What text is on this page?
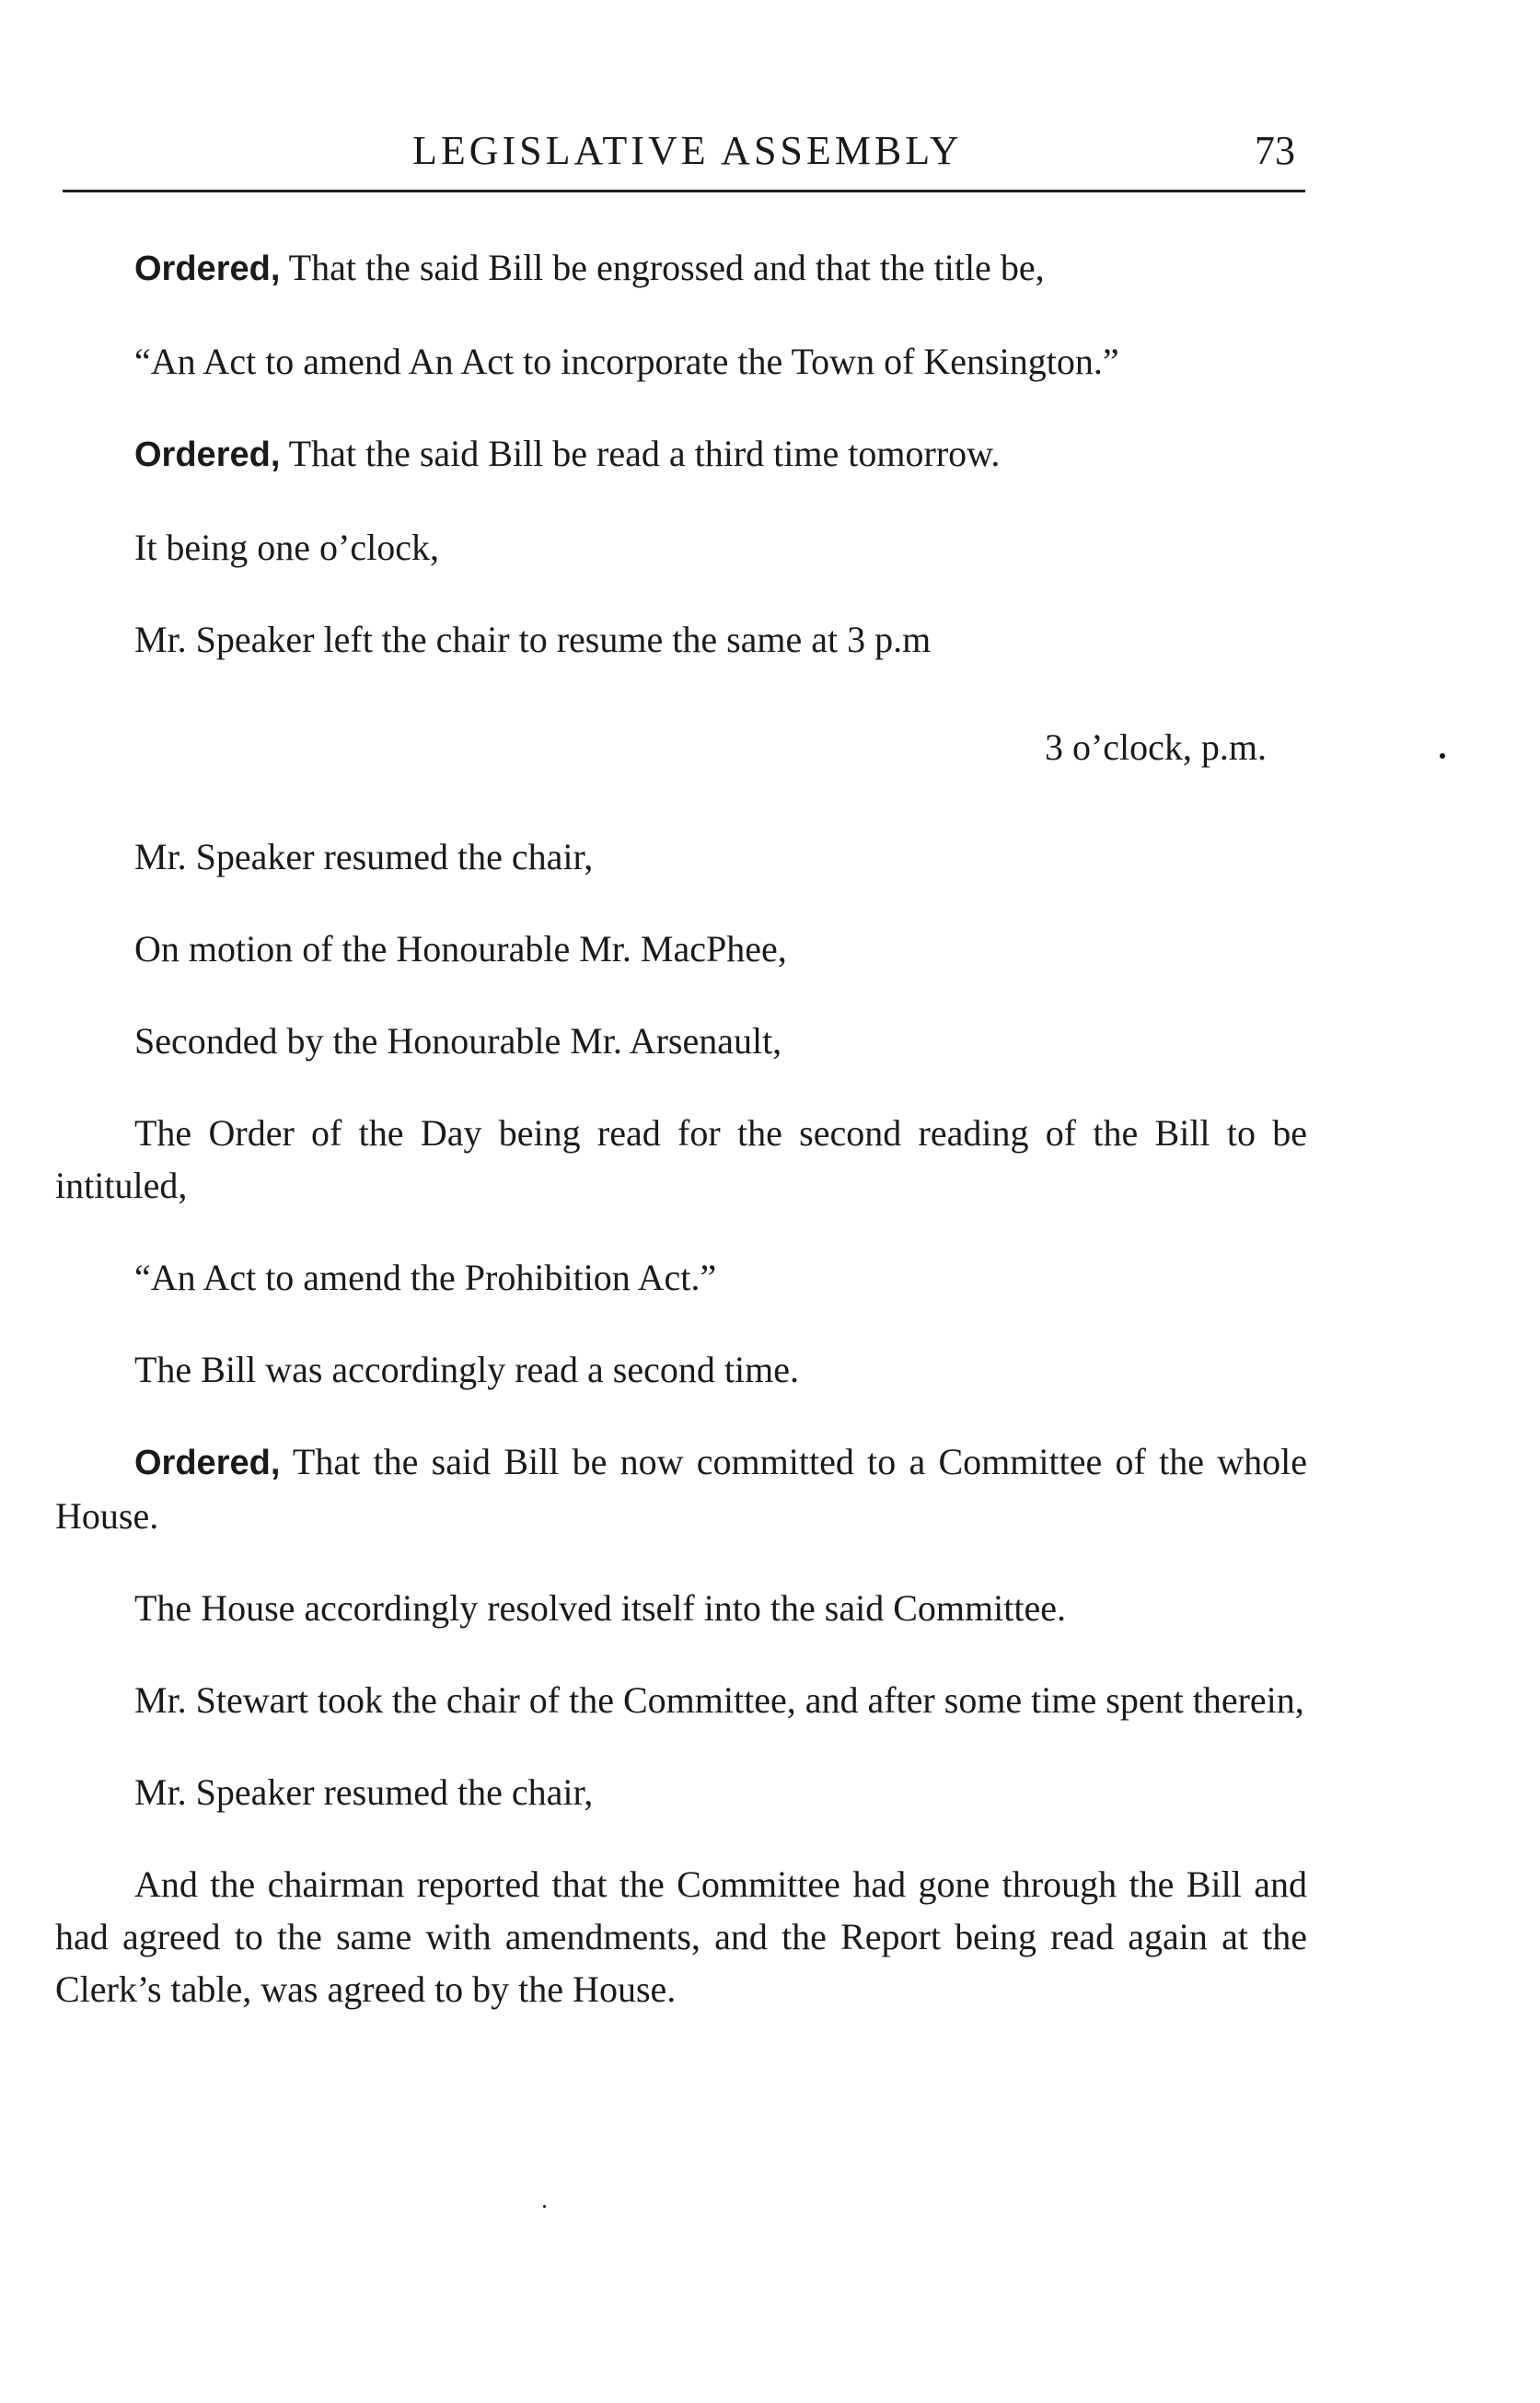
LEGISLATIVE ASSEMBLY	73

Ordered, That the said Bill be engrossed and that the title be,

“An Act to amend An Act to incorporate the Town of Kensington.”

Ordered, That the said Bill be read a third time tomorrow.

It being one o’clock,

Mr. Speaker left the chair to resume the same at 3 p.m

3 o’clock, p.m.

Mr. Speaker resumed the chair,

On motion of the Honourable Mr. MacPhee,

Seconded by the Honourable Mr. Arsenault,

The Order of the Day being read for the second reading of the Bill to be intituled,

“An Act to amend the Prohibition Act.”

The Bill was accordingly read a second time.

Ordered, That the said Bill be now committed to a Committee of the whole House.

The House accordingly resolved itself into the said Committee.

Mr. Stewart took the chair of the Committee, and after some time spent therein,

Mr. Speaker resumed the chair,

And the chairman reported that the Committee had gone through the Bill and had agreed to the same with amendments, and the Report being read again at the Clerk’s table, was agreed to by the House.
